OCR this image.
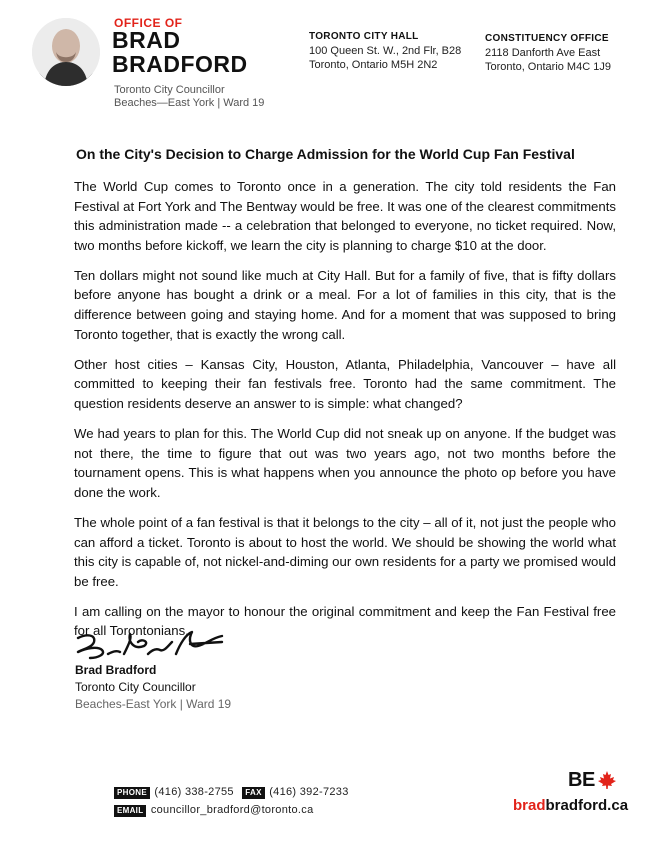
OFFICE OF
BRAD
BRADFORD
Toronto City Councillor
Beaches—East York | Ward 19
TORONTO CITY HALL
100 Queen St. W., 2nd Flr, B28
Toronto, Ontario M5H 2N2
CONSTITUENCY OFFICE
2118 Danforth Ave East
Toronto, Ontario M4C 1J9
On the City's Decision to Charge Admission for the World Cup Fan Festival

The World Cup comes to Toronto once in a generation. The city told residents the Fan Festival at Fort York and The Bentway would be free. It was one of the clearest commitments this administration made -- a celebration that belonged to everyone, no ticket required. Now, two months before kickoff, we learn the city is planning to charge $10 at the door.

Ten dollars might not sound like much at City Hall. But for a family of five, that is fifty dollars before anyone has bought a drink or a meal. For a lot of families in this city, that is the difference between going and staying home. And for a moment that was supposed to bring Toronto together, that is exactly the wrong call.

Other host cities – Kansas City, Houston, Atlanta, Philadelphia, Vancouver – have all committed to keeping their fan festivals free. Toronto had the same commitment. The question residents deserve an answer to is simple: what changed?

We had years to plan for this. The World Cup did not sneak up on anyone. If the budget was not there, the time to figure that out was two years ago, not two months before the tournament opens. This is what happens when you announce the photo op before you have done the work.

The whole point of a fan festival is that it belongs to the city – all of it, not just the people who can afford a ticket. Toronto is about to host the world. We should be showing the world what this city is capable of, not nickel-and-diming our own residents for a party we promised would be free.

I am calling on the mayor to honour the original commitment and keep the Fan Festival free for all Torontonians.

Brad Bradford
Toronto City Councillor
Beaches-East York | Ward 19
PHONE (416) 338-2755 FAX (416) 392-7233
EMAIL councillor_bradford@toronto.ca
BE
bradbradford.ca
